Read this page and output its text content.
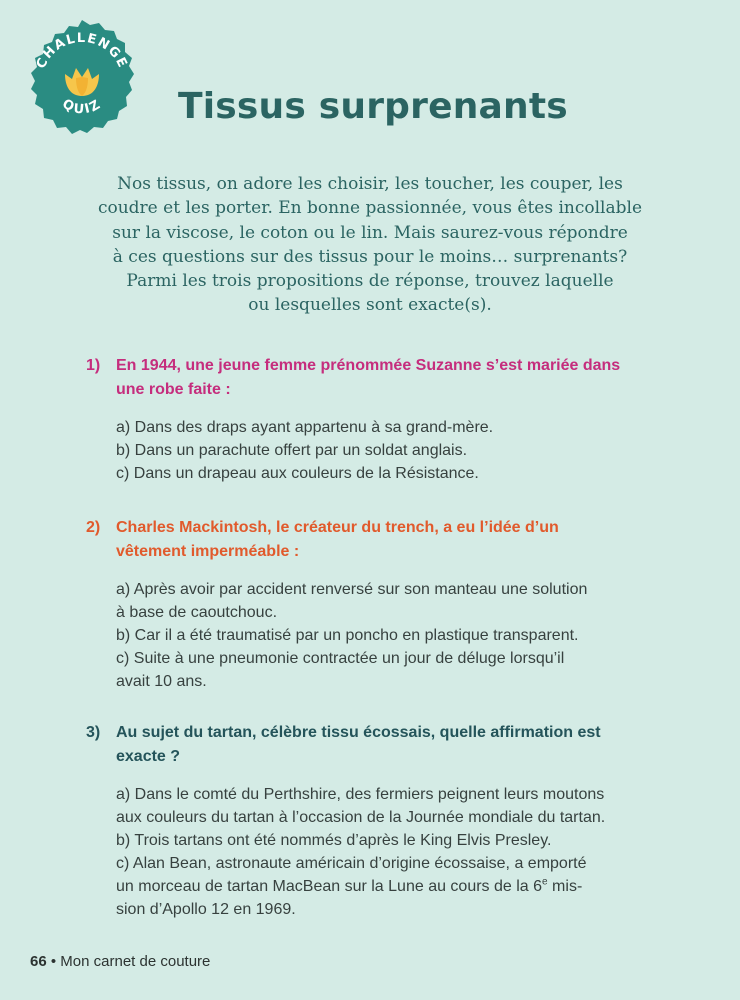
CHALLENGE
QUIZ Tissus surprenants
Nos tissus, on adore les choisir, les toucher, les couper, les
coudre et les porter. En bonne passionnée, vous êtes incollable
sur la viscose, le coton ou le lin. Mais saurez-vous répondre
à ces questions sur des tissus pour le moins… surprenants?
Parmi les trois propositions de réponse, trouvez laquelle
ou lesquelles sont exacte(s).
1) En 1944, une jeune femme prénommée Suzanne s’est mariée dans
une robe faite :
a) Dans des draps ayant appartenu à sa grand-mère.
b) Dans un parachute offert par un soldat anglais.
c) Dans un drapeau aux couleurs de la Résistance.
2) Charles Mackintosh, le créateur du trench, a eu l’idée d’un
vêtement imperméable :
a) Après avoir par accident renversé sur son manteau une solution
à base de caoutchouc.
b) Car il a été traumatisé par un poncho en plastique transparent.
c) Suite à une pneumonie contractée un jour de déluge lorsqu’il
avait 10 ans.
3) Au sujet du tartan, célèbre tissu écossais, quelle affirmation est
exacte ?
a) Dans le comté du Perthshire, des fermiers peignent leurs moutons
aux couleurs du tartan à l’occasion de la Journée mondiale du tartan.
b) Trois tartans ont été nommés d’après le King Elvis Presley.
c) Alan Bean, astronaute américain d’origine écossaise, a emporté
un morceau de tartan MacBean sur la Lune au cours de la 6e mis-
sion d’Apollo 12 en 1969.
66 • Mon carnet de couture
